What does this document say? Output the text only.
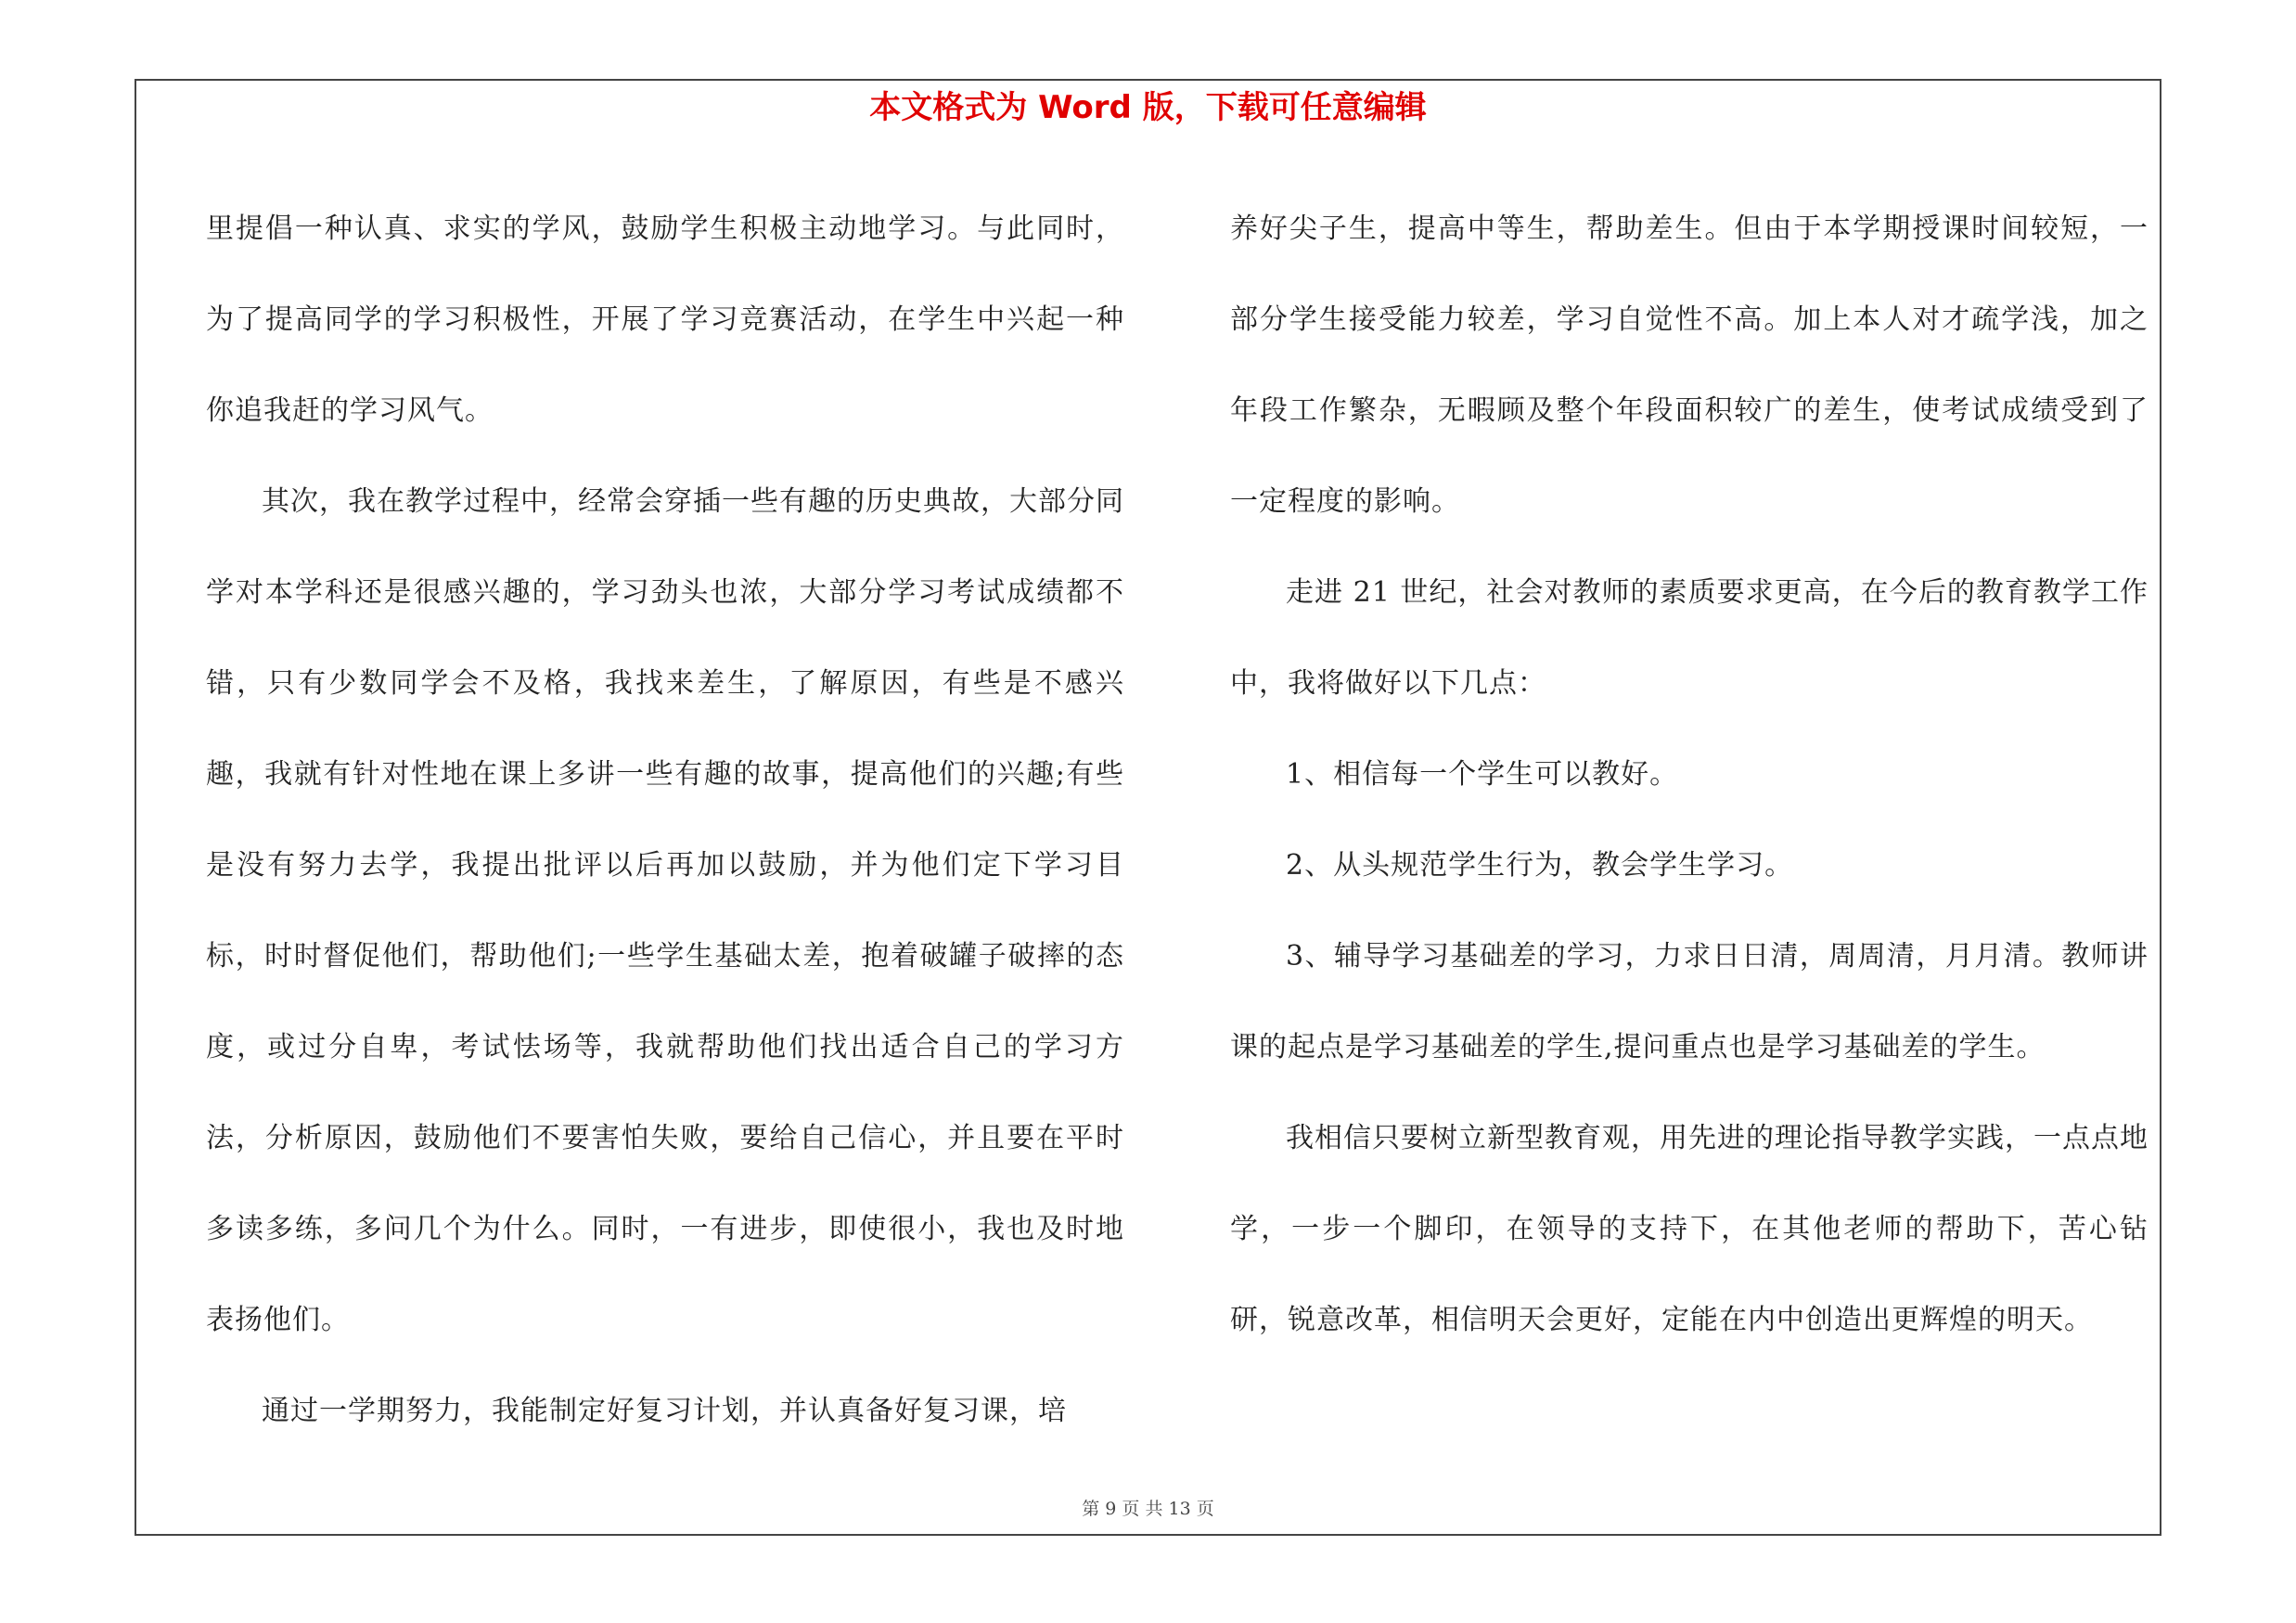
本文格式为 Word 版，下载可任意编辑

里提倡一种认真、求实的学风，鼓励学生积极主动地学习。与此同时，为了提高同学的学习积极性，开展了学习竞赛活动，在学生中兴起一种你追我赶的学习风气。

其次，我在教学过程中，经常会穿插一些有趣的历史典故，大部分同学对本学科还是很感兴趣的，学习劲头也浓，大部分学习考试成绩都不错，只有少数同学会不及格，我找来差生，了解原因，有些是不感兴趣，我就有针对性地在课上多讲一些有趣的故事，提高他们的兴趣;有些是没有努力去学，我提出批评以后再加以鼓励，并为他们定下学习目标，时时督促他们，帮助他们;一些学生基础太差，抱着破罐子破摔的态度，或过分自卑，考试怯场等，我就帮助他们找出适合自己的学习方法，分析原因，鼓励他们不要害怕失败，要给自己信心，并且要在平时多读多练，多问几个为什么。同时，一有进步，即使很小，我也及时地表扬他们。

通过一学期努力，我能制定好复习计划，并认真备好复习课，培

养好尖子生，提高中等生，帮助差生。但由于本学期授课时间较短，一部分学生接受能力较差，学习自觉性不高。加上本人对才疏学浅，加之年段工作繁杂，无暇顾及整个年段面积较广的差生，使考试成绩受到了一定程度的影响。

走进 21 世纪，社会对教师的素质要求更高，在今后的教育教学工作中，我将做好以下几点：

1、相信每一个学生可以教好。

2、从头规范学生行为，教会学生学习。

3、辅导学习基础差的学习，力求日日清，周周清，月月清。教师讲课的起点是学习基础差的学生,提问重点也是学习基础差的学生。

我相信只要树立新型教育观，用先进的理论指导教学实践，一点点地学，一步一个脚印，在领导的支持下，在其他老师的帮助下，苦心钻研，锐意改革，相信明天会更好，定能在内中创造出更辉煌的明天。

第 9 页 共 13 页
